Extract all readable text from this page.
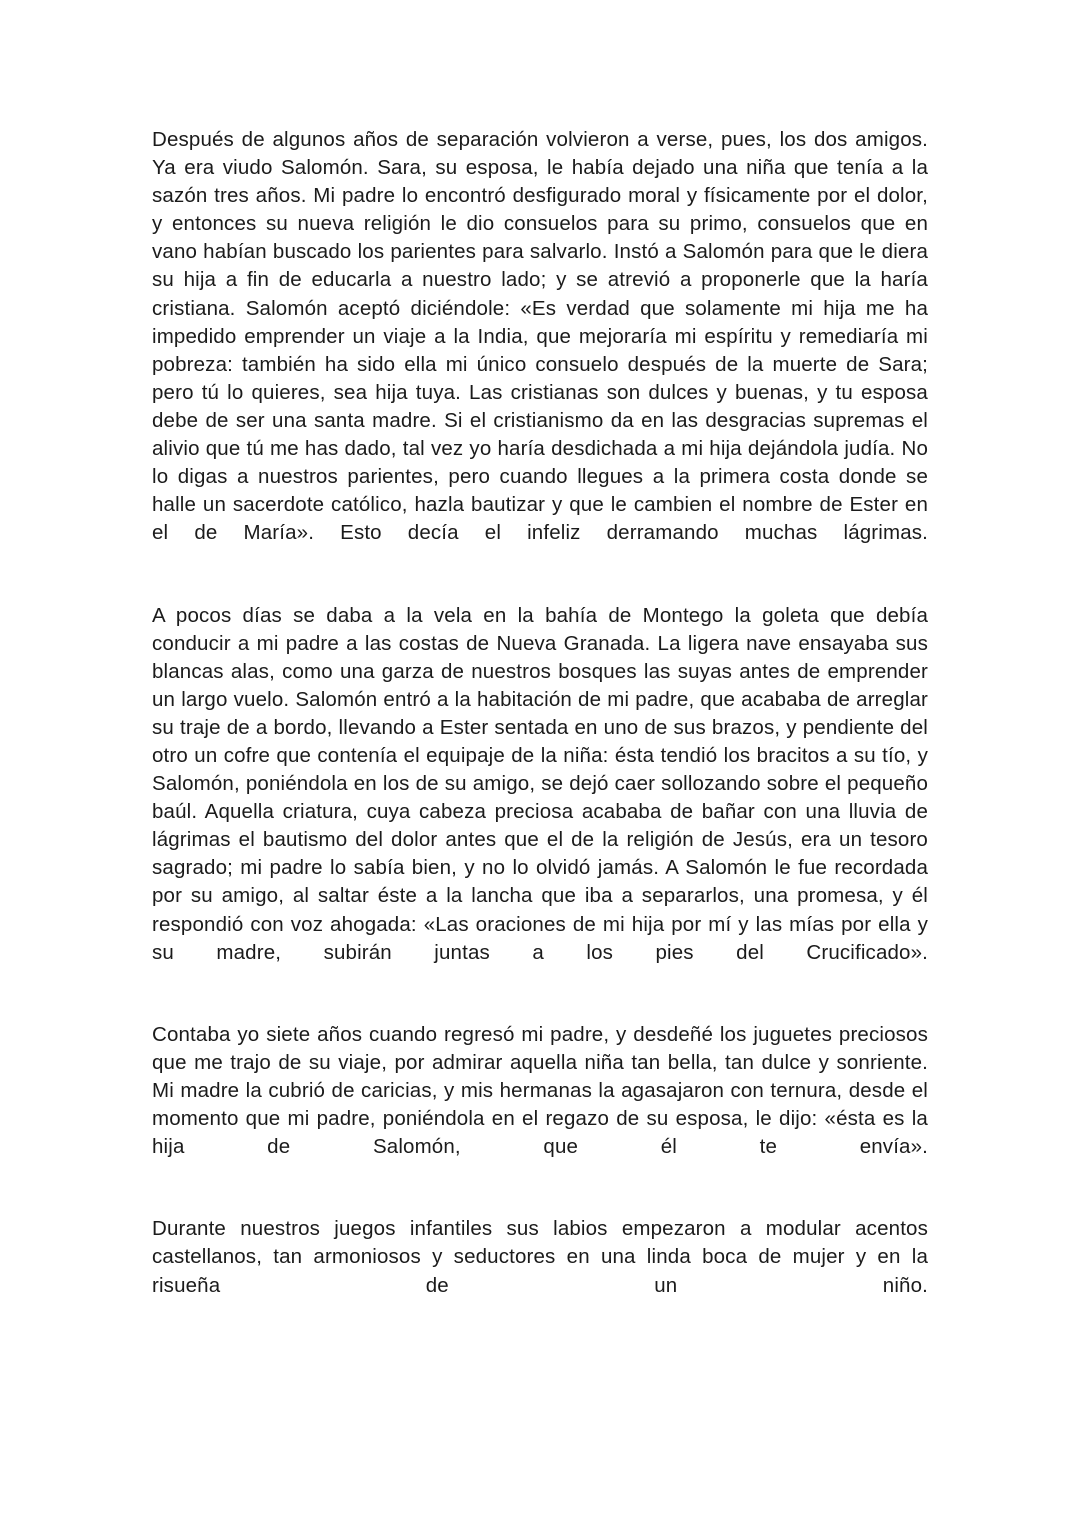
Después de algunos años de separación volvieron a verse, pues, los dos amigos. Ya era viudo Salomón. Sara, su esposa, le había dejado una niña que tenía a la sazón tres años. Mi padre lo encontró desfigurado moral y físicamente por el dolor, y entonces su nueva religión le dio consuelos para su primo, consuelos que en vano habían buscado los parientes para salvarlo. Instó a Salomón para que le diera su hija a fin de educarla a nuestro lado; y se atrevió a proponerle que la haría cristiana. Salomón aceptó diciéndole: «Es verdad que solamente mi hija me ha impedido emprender un viaje a la India, que mejoraría mi espíritu y remediaría mi pobreza: también ha sido ella mi único consuelo después de la muerte de Sara; pero tú lo quieres, sea hija tuya. Las cristianas son dulces y buenas, y tu esposa debe de ser una santa madre. Si el cristianismo da en las desgracias supremas el alivio que tú me has dado, tal vez yo haría desdichada a mi hija dejándola judía. No lo digas a nuestros parientes, pero cuando llegues a la primera costa donde se halle un sacerdote católico, hazla bautizar y que le cambien el nombre de Ester en el de María». Esto decía el infeliz derramando muchas lágrimas.

A pocos días se daba a la vela en la bahía de Montego la goleta que debía conducir a mi padre a las costas de Nueva Granada. La ligera nave ensayaba sus blancas alas, como una garza de nuestros bosques las suyas antes de emprender un largo vuelo. Salomón entró a la habitación de mi padre, que acababa de arreglar su traje de a bordo, llevando a Ester sentada en uno de sus brazos, y pendiente del otro un cofre que contenía el equipaje de la niña: ésta tendió los bracitos a su tío, y Salomón, poniéndola en los de su amigo, se dejó caer sollozando sobre el pequeño baúl. Aquella criatura, cuya cabeza preciosa acababa de bañar con una lluvia de lágrimas el bautismo del dolor antes que el de la religión de Jesús, era un tesoro sagrado; mi padre lo sabía bien, y no lo olvidó jamás. A Salomón le fue recordada por su amigo, al saltar éste a la lancha que iba a separarlos, una promesa, y él respondió con voz ahogada: «Las oraciones de mi hija por mí y las mías por ella y su madre, subirán juntas a los pies del Crucificado».

Contaba yo siete años cuando regresó mi padre, y desdeñé los juguetes preciosos que me trajo de su viaje, por admirar aquella niña tan bella, tan dulce y sonriente. Mi madre la cubrió de caricias, y mis hermanas la agasajaron con ternura, desde el momento que mi padre, poniéndola en el regazo de su esposa, le dijo: «ésta es la hija de Salomón, que él te envía».

Durante nuestros juegos infantiles sus labios empezaron a modular acentos castellanos, tan armoniosos y seductores en una linda boca de mujer y en la risueña de un niño.
